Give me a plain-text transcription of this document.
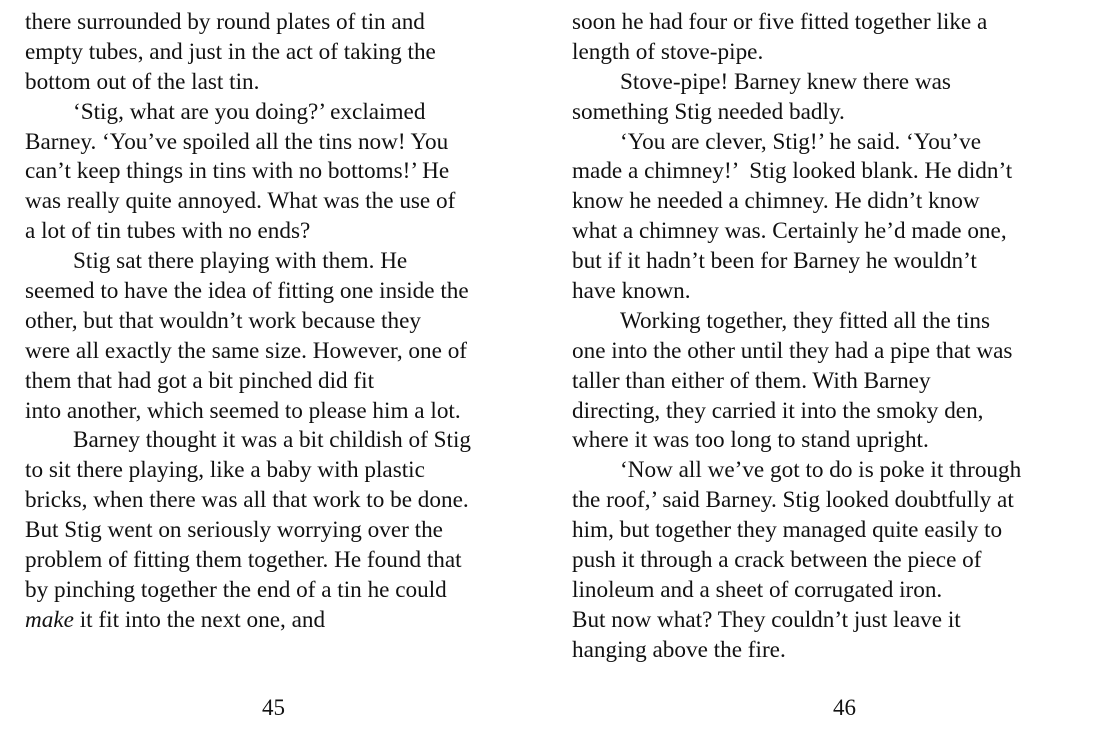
there surrounded by round plates of tin and
empty tubes, and just in the act of taking the
bottom out of the last tin.
‘Stig, what are you doing?’ exclaimed
Barney. ‘You’ve spoiled all the tins now! You
can’t keep things in tins with no bottoms!’ He
was really quite annoyed. What was the use of
a lot of tin tubes with no ends?
Stig sat there playing with them. He
seemed to have the idea of fitting one inside the
other, but that wouldn’t work because they
were all exactly the same size. However, one of
them that had got a bit pinched did fit
into another, which seemed to please him a lot.
Barney thought it was a bit childish of Stig
to sit there playing, like a baby with plastic
bricks, when there was all that work to be done.
But Stig went on seriously worrying over the
problem of fitting them together. He found that
by pinching together the end of a tin he could
make it fit into the next one, and
soon he had four or five fitted together like a
length of stove-pipe.
Stove-pipe! Barney knew there was
something Stig needed badly.
‘You are clever, Stig!’ he said. ‘You’ve
made a chimney!’  Stig looked blank. He didn’t
know he needed a chimney. He didn’t know
what a chimney was. Certainly he’d made one,
but if it hadn’t been for Barney he wouldn’t
have known.
Working together, they fitted all the tins
one into the other until they had a pipe that was
taller than either of them. With Barney
directing, they carried it into the smoky den,
where it was too long to stand upright.
‘Now all we’ve got to do is poke it through
the roof,’ said Barney. Stig looked doubtfully at
him, but together they managed quite easily to
push it through a crack between the piece of
linoleum and a sheet of corrugated iron.
But now what? They couldn’t just leave it
hanging above the fire.
45	46
